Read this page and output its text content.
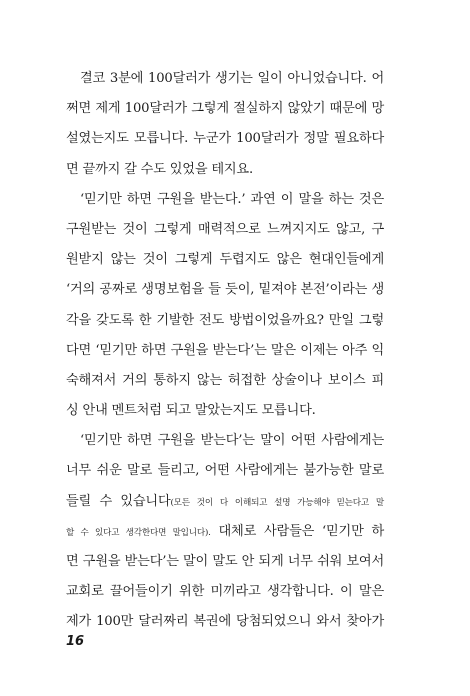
결코 3분에 100달러가 생기는 일이 아니었습니다. 어
쩌면 제게 100달러가 그렇게 절실하지 않았기 때문에 망
설였는지도 모릅니다. 누군가 100달러가 정말 필요하다
면 끝까지 갈 수도 있었을 테지요.
‘믿기만 하면 구원을 받는다.’ 과연 이 말을 하는 것은
구원받는 것이 그렇게 매력적으로 느껴지지도 않고, 구
원받지 않는 것이 그렇게 두렵지도 않은 현대인들에게
‘거의 공짜로 생명보험을 들 듯이, 밑져야 본전’이라는 생
각을 갖도록 한 기발한 전도 방법이었을까요? 만일 그렇
다면 ‘믿기만 하면 구원을 받는다’는 말은 이제는 아주 익
숙해져서 거의 통하지 않는 허접한 상술이나 보이스 피
싱 안내 멘트처럼 되고 말았는지도 모릅니다.
‘믿기만 하면 구원을 받는다’는 말이 어떤 사람에게는
너무 쉬운 말로 들리고, 어떤 사람에게는 불가능한 말로
들릴 수 있습니다(모든 것이 다 이해되고 설명 가능해야 믿는다고 말
할 수 있다고 생각한다면 말입니다). 대체로 사람들은 ‘믿기만 하
면 구원을 받는다’는 말이 말도 안 되게 너무 쉬워 보여서
교회로 끌어들이기 위한 미끼라고 생각합니다. 이 말은
제가 100만 달러짜리 복권에 당첨되었으니 와서 찾아가
16
